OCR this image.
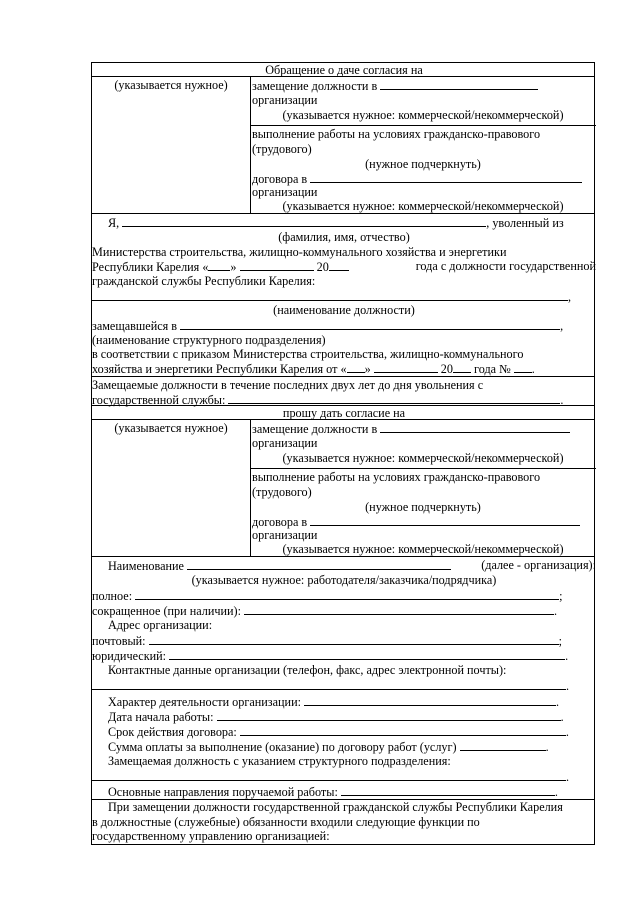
Обращение о даче согласия на
(указывается нужное)	замещение должности в
организации
(указывается нужное: коммерческой/некоммерческой)
выполнение работы на условиях гражданско-правового
(трудового)
(нужное подчеркнуть)
договора в
организации
(указывается нужное: коммерческой/некоммерческой)
Я,	, уволенный из
(фамилия, имя, отчество)
Министерства строительства, жилищно-коммунального хозяйства и энергетики
Республики Карелия « »	20	года с должности государственной
гражданской службы Республики Карелия:
,
(наименование должности)
замещавшейся в	,
(наименование структурного подразделения)
в соответствии с приказом Министерства строительства, жилищно-коммунального
хозяйства и энергетики Республики Карелия от « »	20 года № .
Замещаемые должности в течение последних двух лет до дня увольнения с
государственной службы:	.
прошу дать согласие на
(указывается нужное)	замещение должности в
организации
(указывается нужное: коммерческой/некоммерческой)
выполнение работы на условиях гражданско-правового
(трудового)
(нужное подчеркнуть)
договора в
организации
(указывается нужное: коммерческой/некоммерческой)
Наименование	(далее - организация):
(указывается нужное: работодателя/заказчика/подрядчика)
полное:	;
сокращенное (при наличии):	.
Адрес организации:
почтовый:	;
юридический:	.
Контактные данные организации (телефон, факс, адрес электронной почты):
.
Характер деятельности организации:	.
Дата начала работы:	.
Срок действия договора:	.
Сумма оплаты за выполнение (оказание) по договору работ (услуг)	.
Замещаемая должность с указанием структурного подразделения:
.
Основные направления поручаемой работы:	.
При замещении должности государственной гражданской службы Республики Карелия
в должностные (служебные) обязанности входили следующие функции по
государственному управлению организацией:
